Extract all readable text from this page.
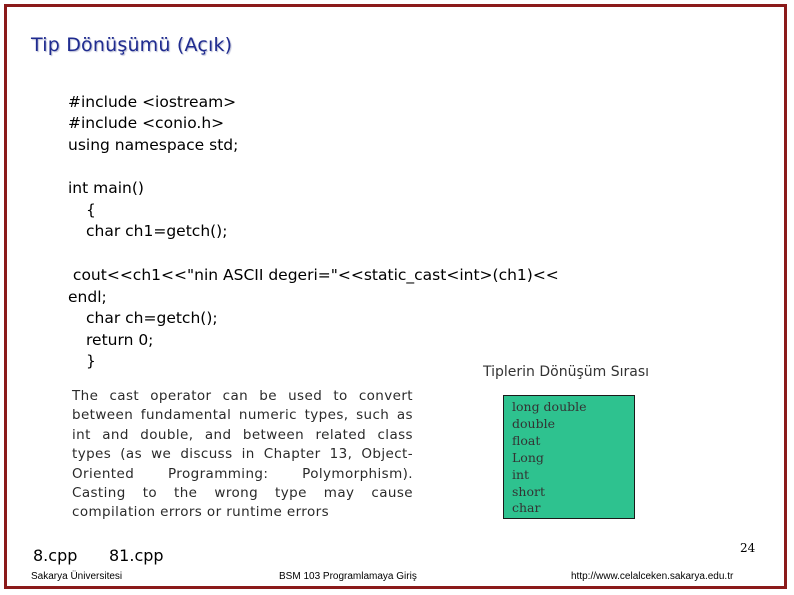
Tip Dönüşümü (Açık)
#include <iostream>
#include <conio.h>
using namespace std;
int main()
{
char ch1=getch();
cout<<ch1<<"nin ASCII degeri="<<static_cast<int>(ch1)<<
endl;
char ch=getch();
return 0;
}
The cast operator can be used to convert between fundamental numeric types, such as int and double, and between related class types (as we discuss in Chapter 13, Object-Oriented Programming: Polymorphism). Casting to the wrong type may cause compilation errors or runtime errors
Tiplerin Dönüşüm Sırası
long double
double
float
Long
int
short
char
8.cpp 81.cpp	24
Sakarya Üniversitesi	BSM 103 Programlamaya Giriş	http://www.celalceken.sakarya.edu.tr
